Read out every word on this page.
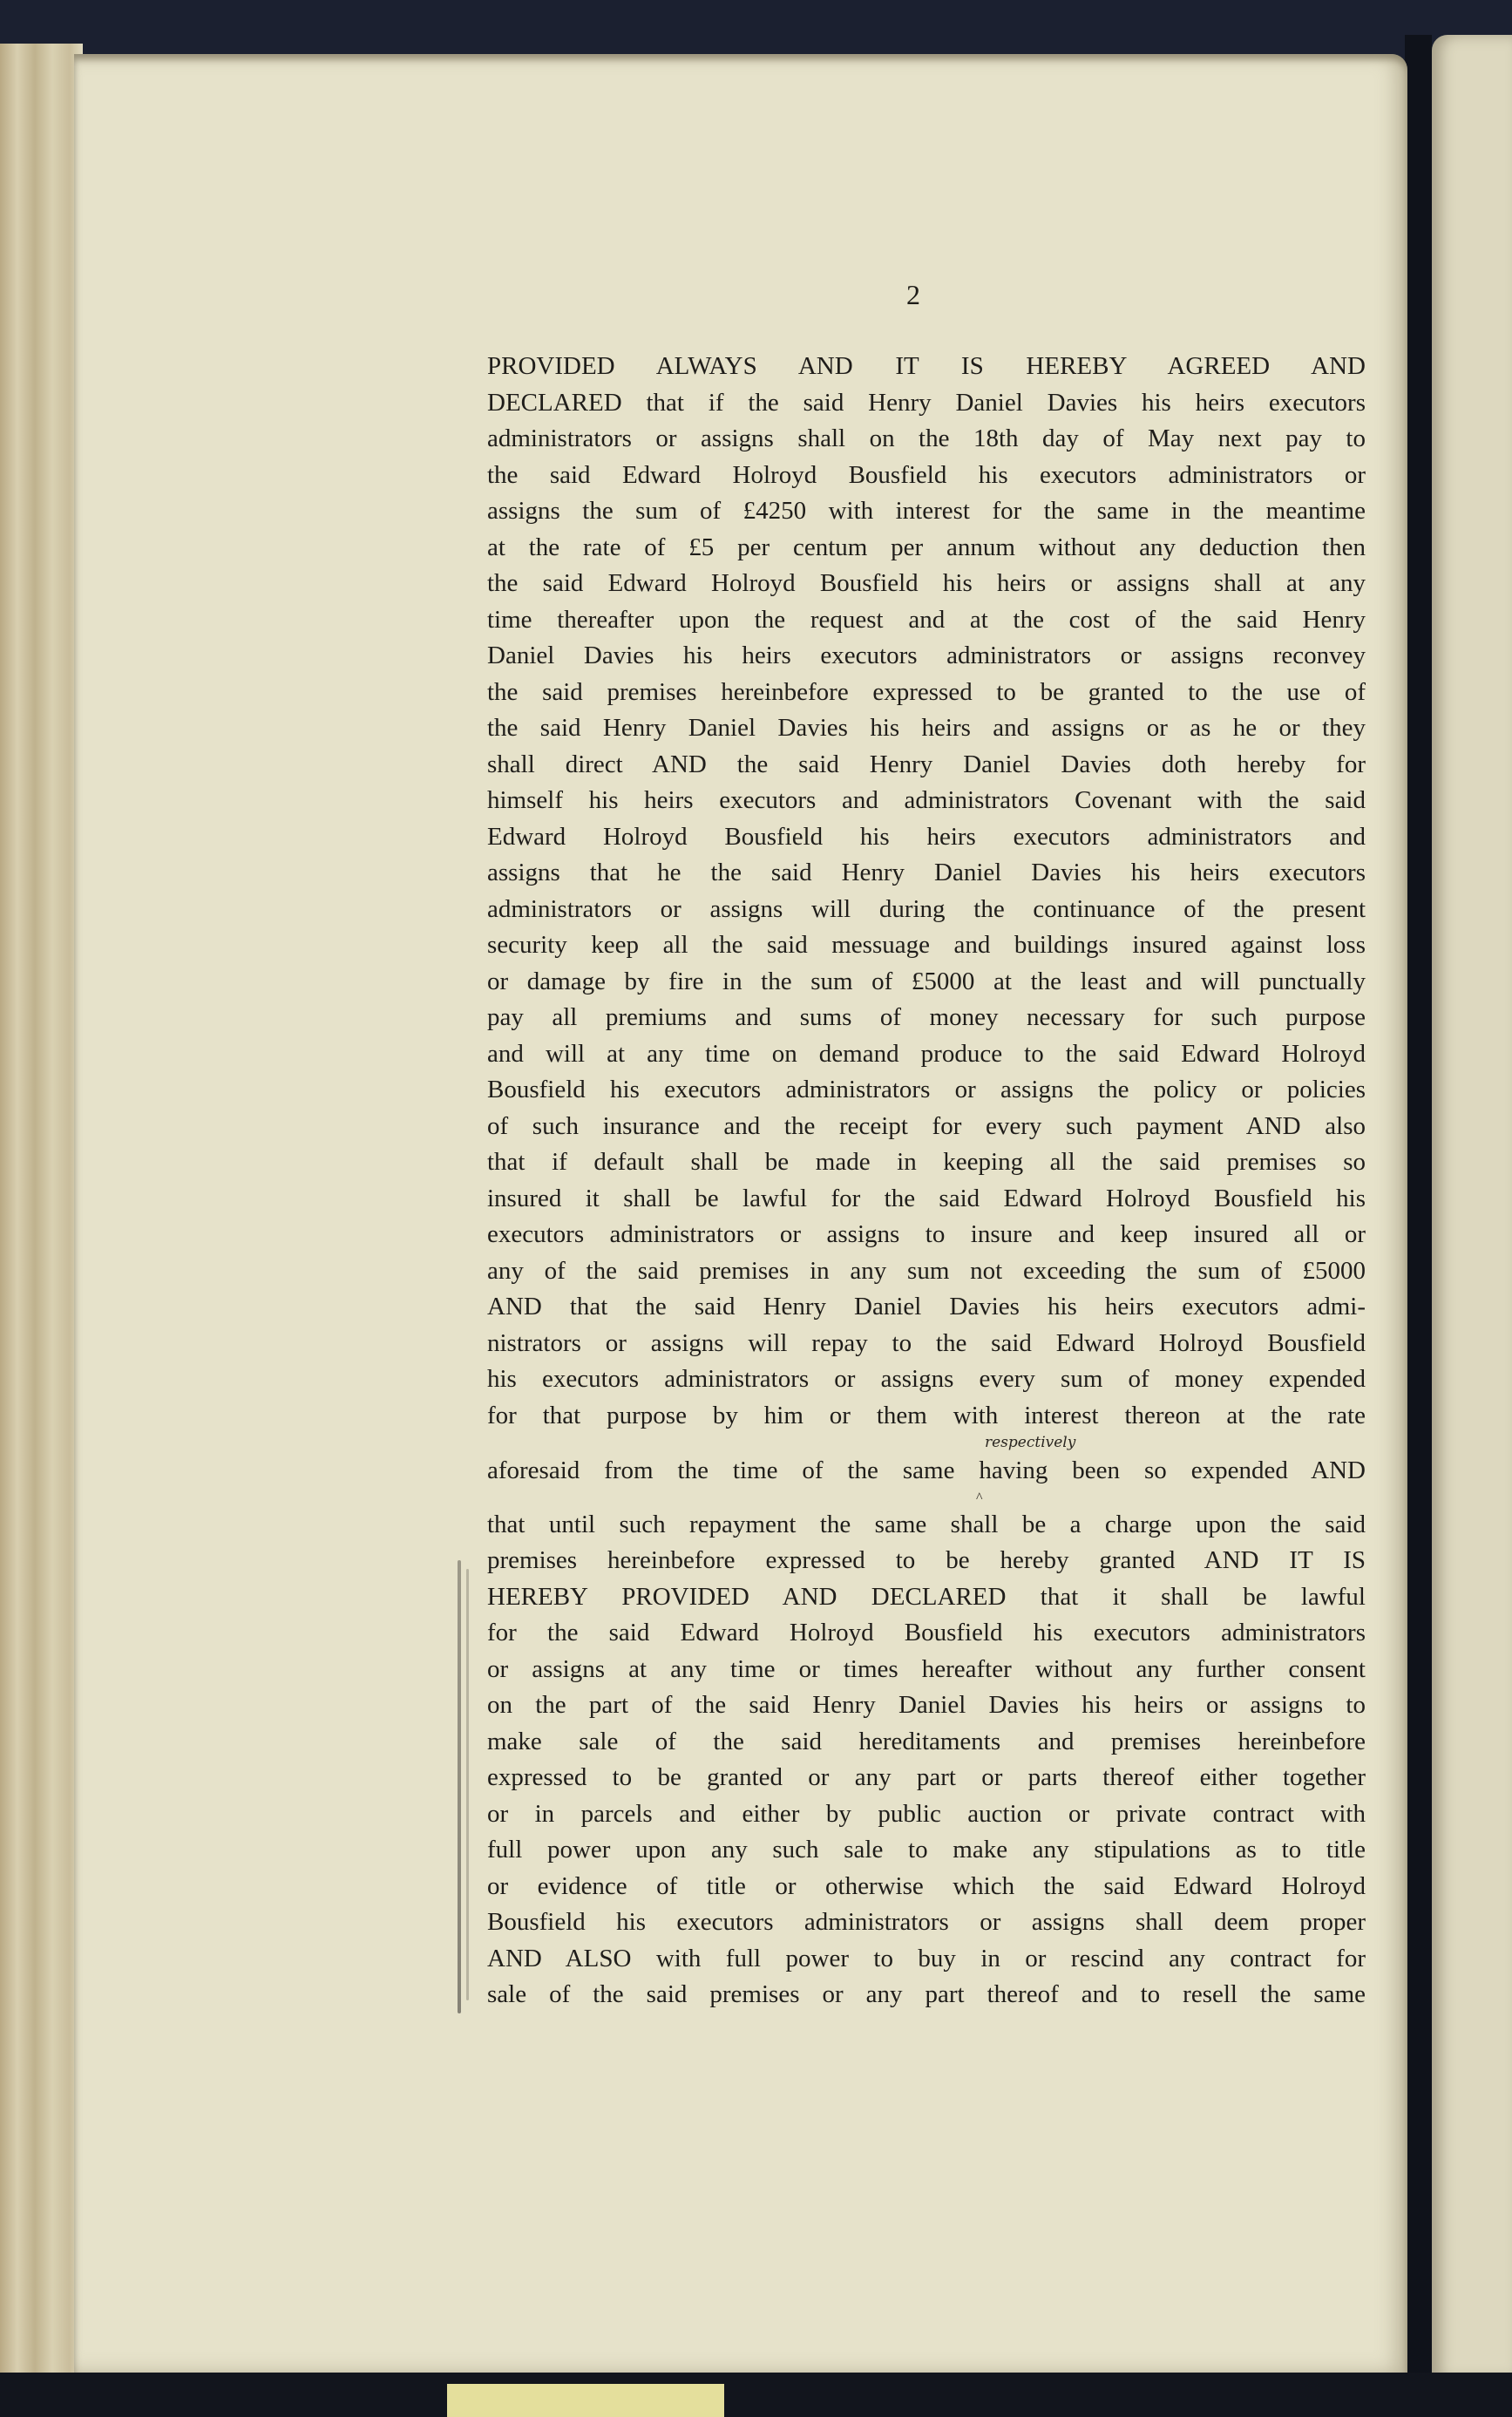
2
PROVIDED ALWAYS AND IT IS HEREBY AGREED AND
DECLARED that if the said Henry Daniel Davies his heirs executors
administrators or assigns shall on the 18th day of May next pay to
the said Edward Holroyd Bousfield his executors administrators or
assigns the sum of £4250 with interest for the same in the meantime
at the rate of £5 per centum per annum without any deduction then
the said Edward Holroyd Bousfield his heirs or assigns shall at any
time thereafter upon the request and at the cost of the said Henry
Daniel Davies his heirs executors administrators or assigns reconvey
the said premises hereinbefore expressed to be granted to the use of
the said Henry Daniel Davies his heirs and assigns or as he or they
shall direct AND the said Henry Daniel Davies doth hereby for
himself his heirs executors and administrators Covenant with the said
Edward Holroyd Bousfield his heirs executors administrators and
assigns that he the said Henry Daniel Davies his heirs executors
administrators or assigns will during the continuance of the present
security keep all the said messuage and buildings insured against loss
or damage by fire in the sum of £5000 at the least and will punctually
pay all premiums and sums of money necessary for such purpose
and will at any time on demand produce to the said Edward Holroyd
Bousfield his executors administrators or assigns the policy or policies
of such insurance and the receipt for every such payment AND also
that if default shall be made in keeping all the said premises so
insured it shall be lawful for the said Edward Holroyd Bousfield his
executors administrators or assigns to insure and keep insured all or
any of the said premises in any sum not exceeding the sum of £5000
AND that the said Henry Daniel Davies his heirs executors admi-
nistrators or assigns will repay to the said Edward Holroyd Bousfield
his executors administrators or assigns every sum of money expended
for that purpose by him or them with interest thereon at the rate
aforesaid from the time of the same having been so expended AND
that until such repayment the same shall be a charge upon the said
premises hereinbefore expressed to be hereby granted AND IT IS
HEREBY PROVIDED AND DECLARED that it shall be lawful
for the said Edward Holroyd Bousfield his executors administrators
or assigns at any time or times hereafter without any further consent
on the part of the said Henry Daniel Davies his heirs or assigns to
make sale of the said hereditaments and premises hereinbefore
expressed to be granted or any part or parts thereof either together
or in parcels and either by public auction or private contract with
full power upon any such sale to make any stipulations as to title
or evidence of title or otherwise which the said Edward Holroyd
Bousfield his executors administrators or assigns shall deem proper
AND ALSO with full power to buy in or rescind any contract for
sale of the said premises or any part thereof and to resell the same
respectively
^
